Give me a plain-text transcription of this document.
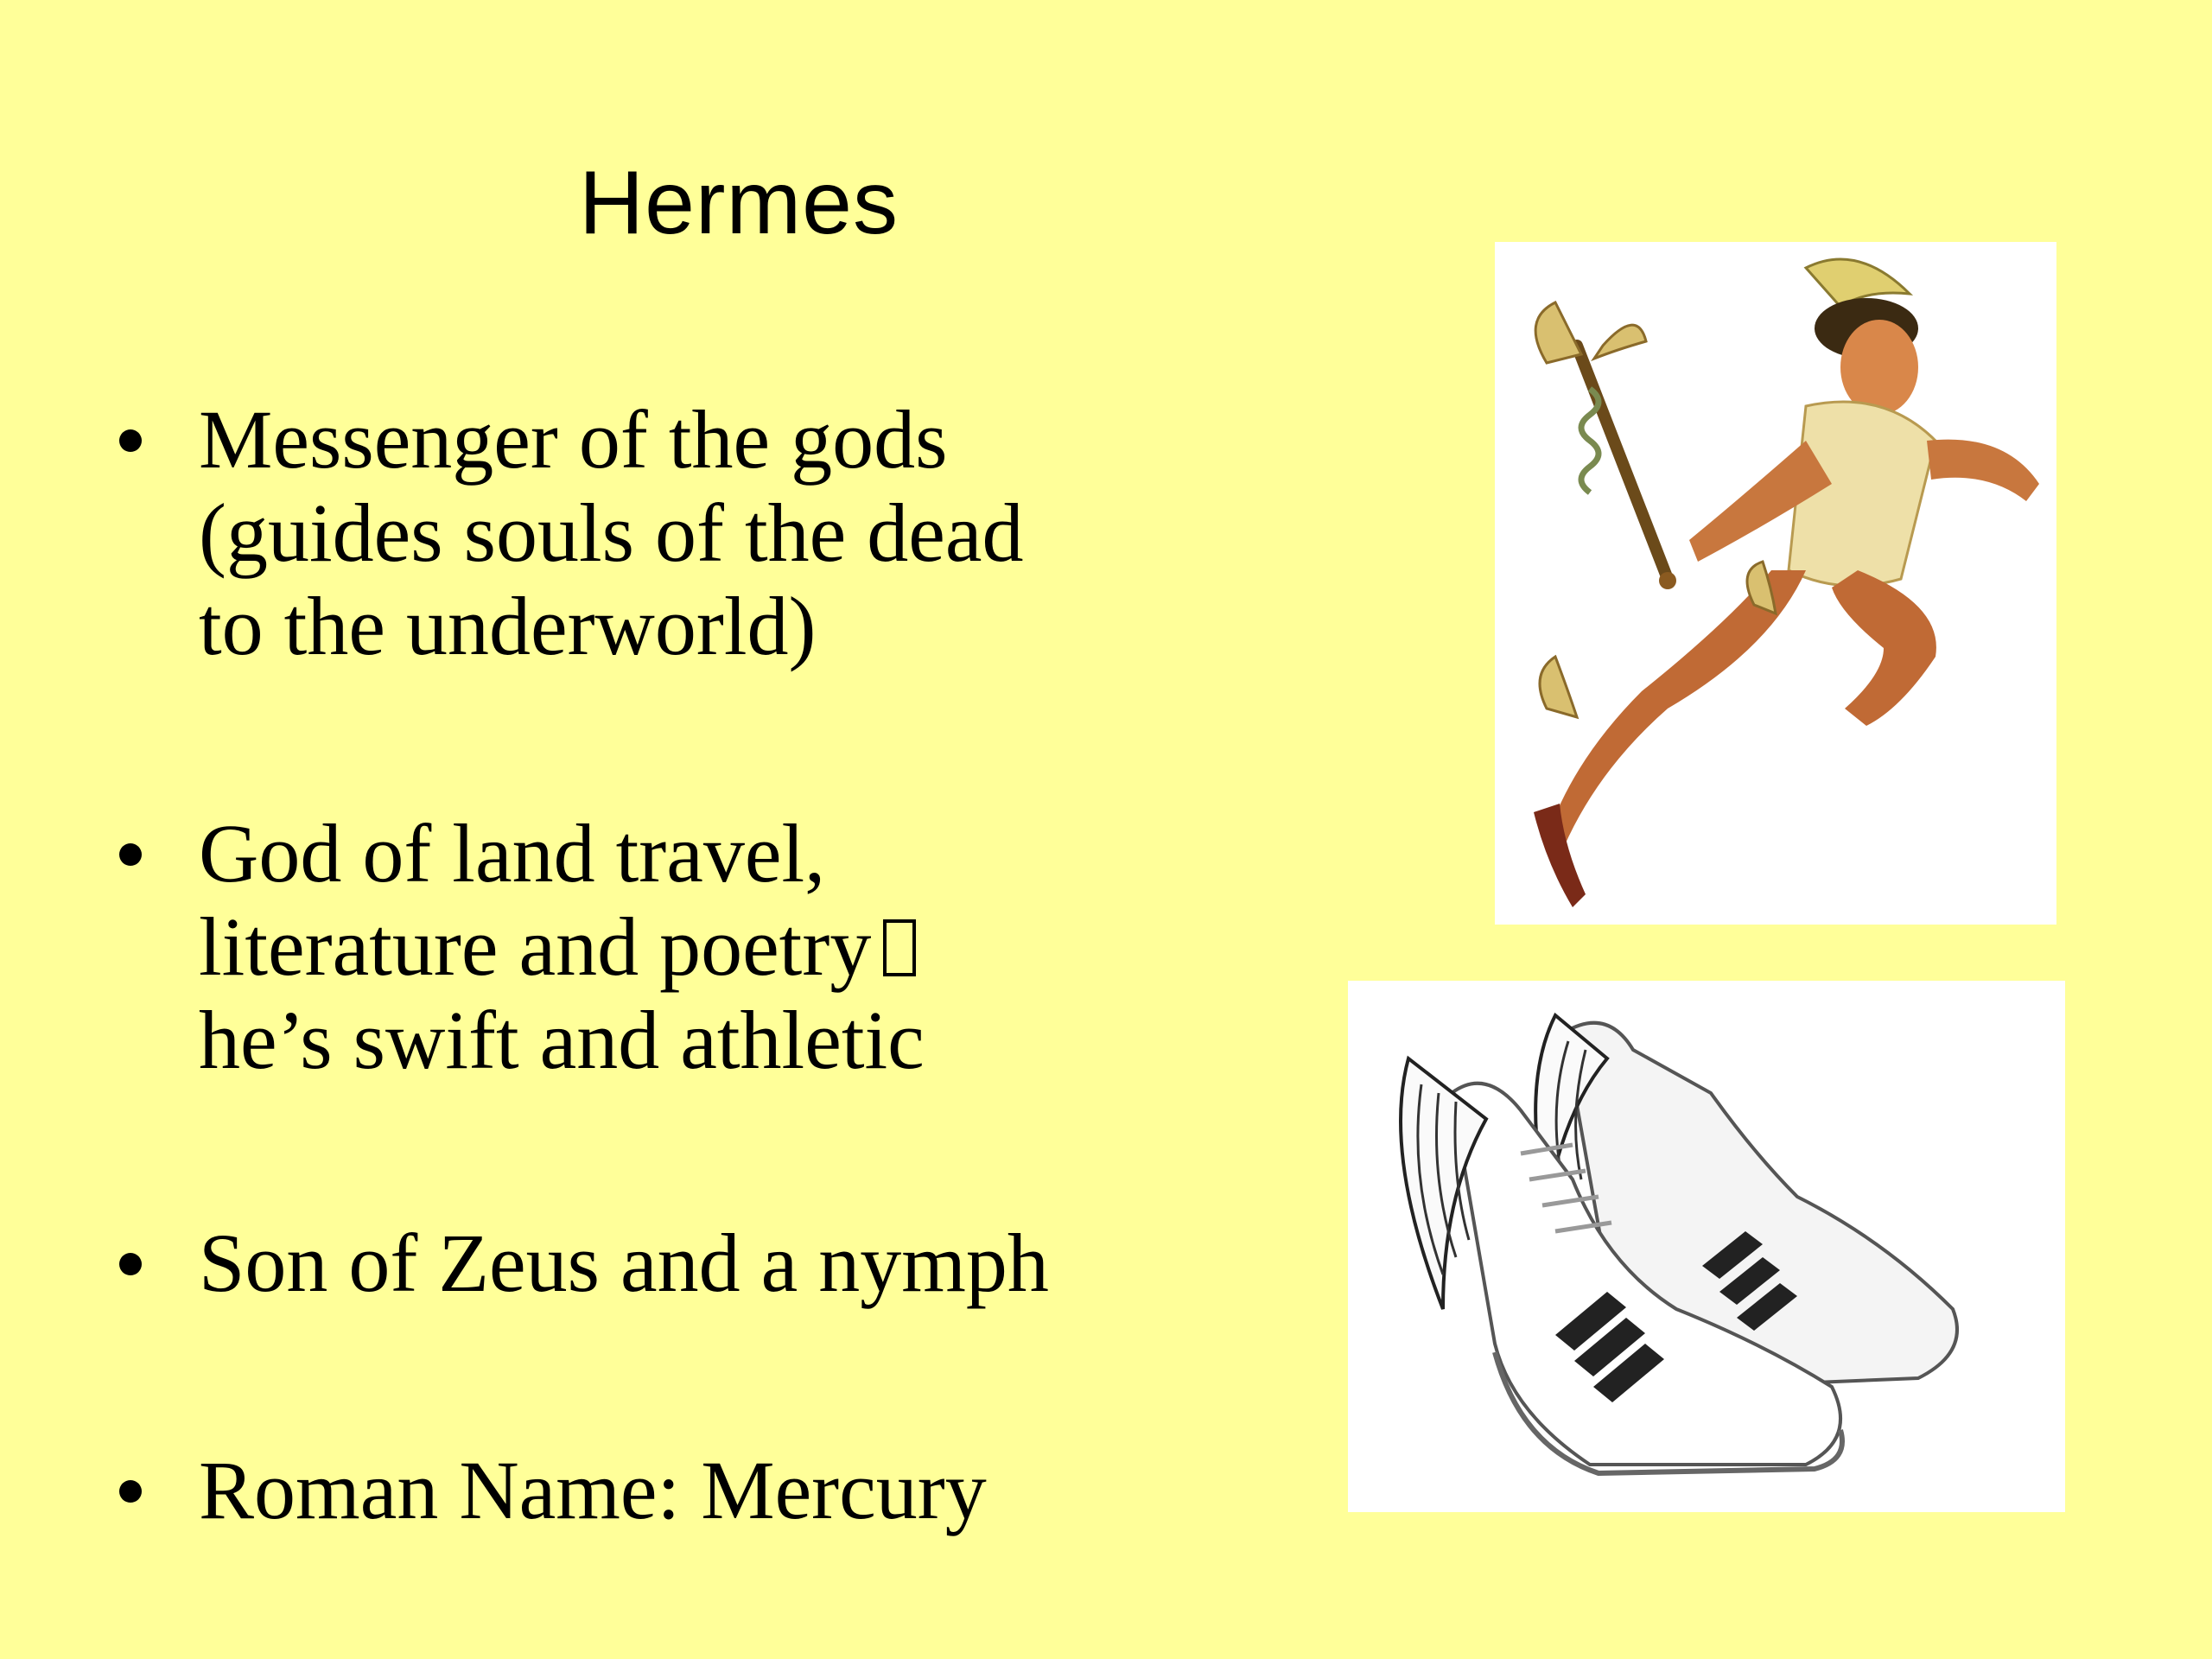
Hermes
Messenger of the gods
(guides souls of the dead
to the underworld)
God of land travel,
literature and poetry
he’s swift and athletic
Son of Zeus and a nymph
Roman Name: Mercury
